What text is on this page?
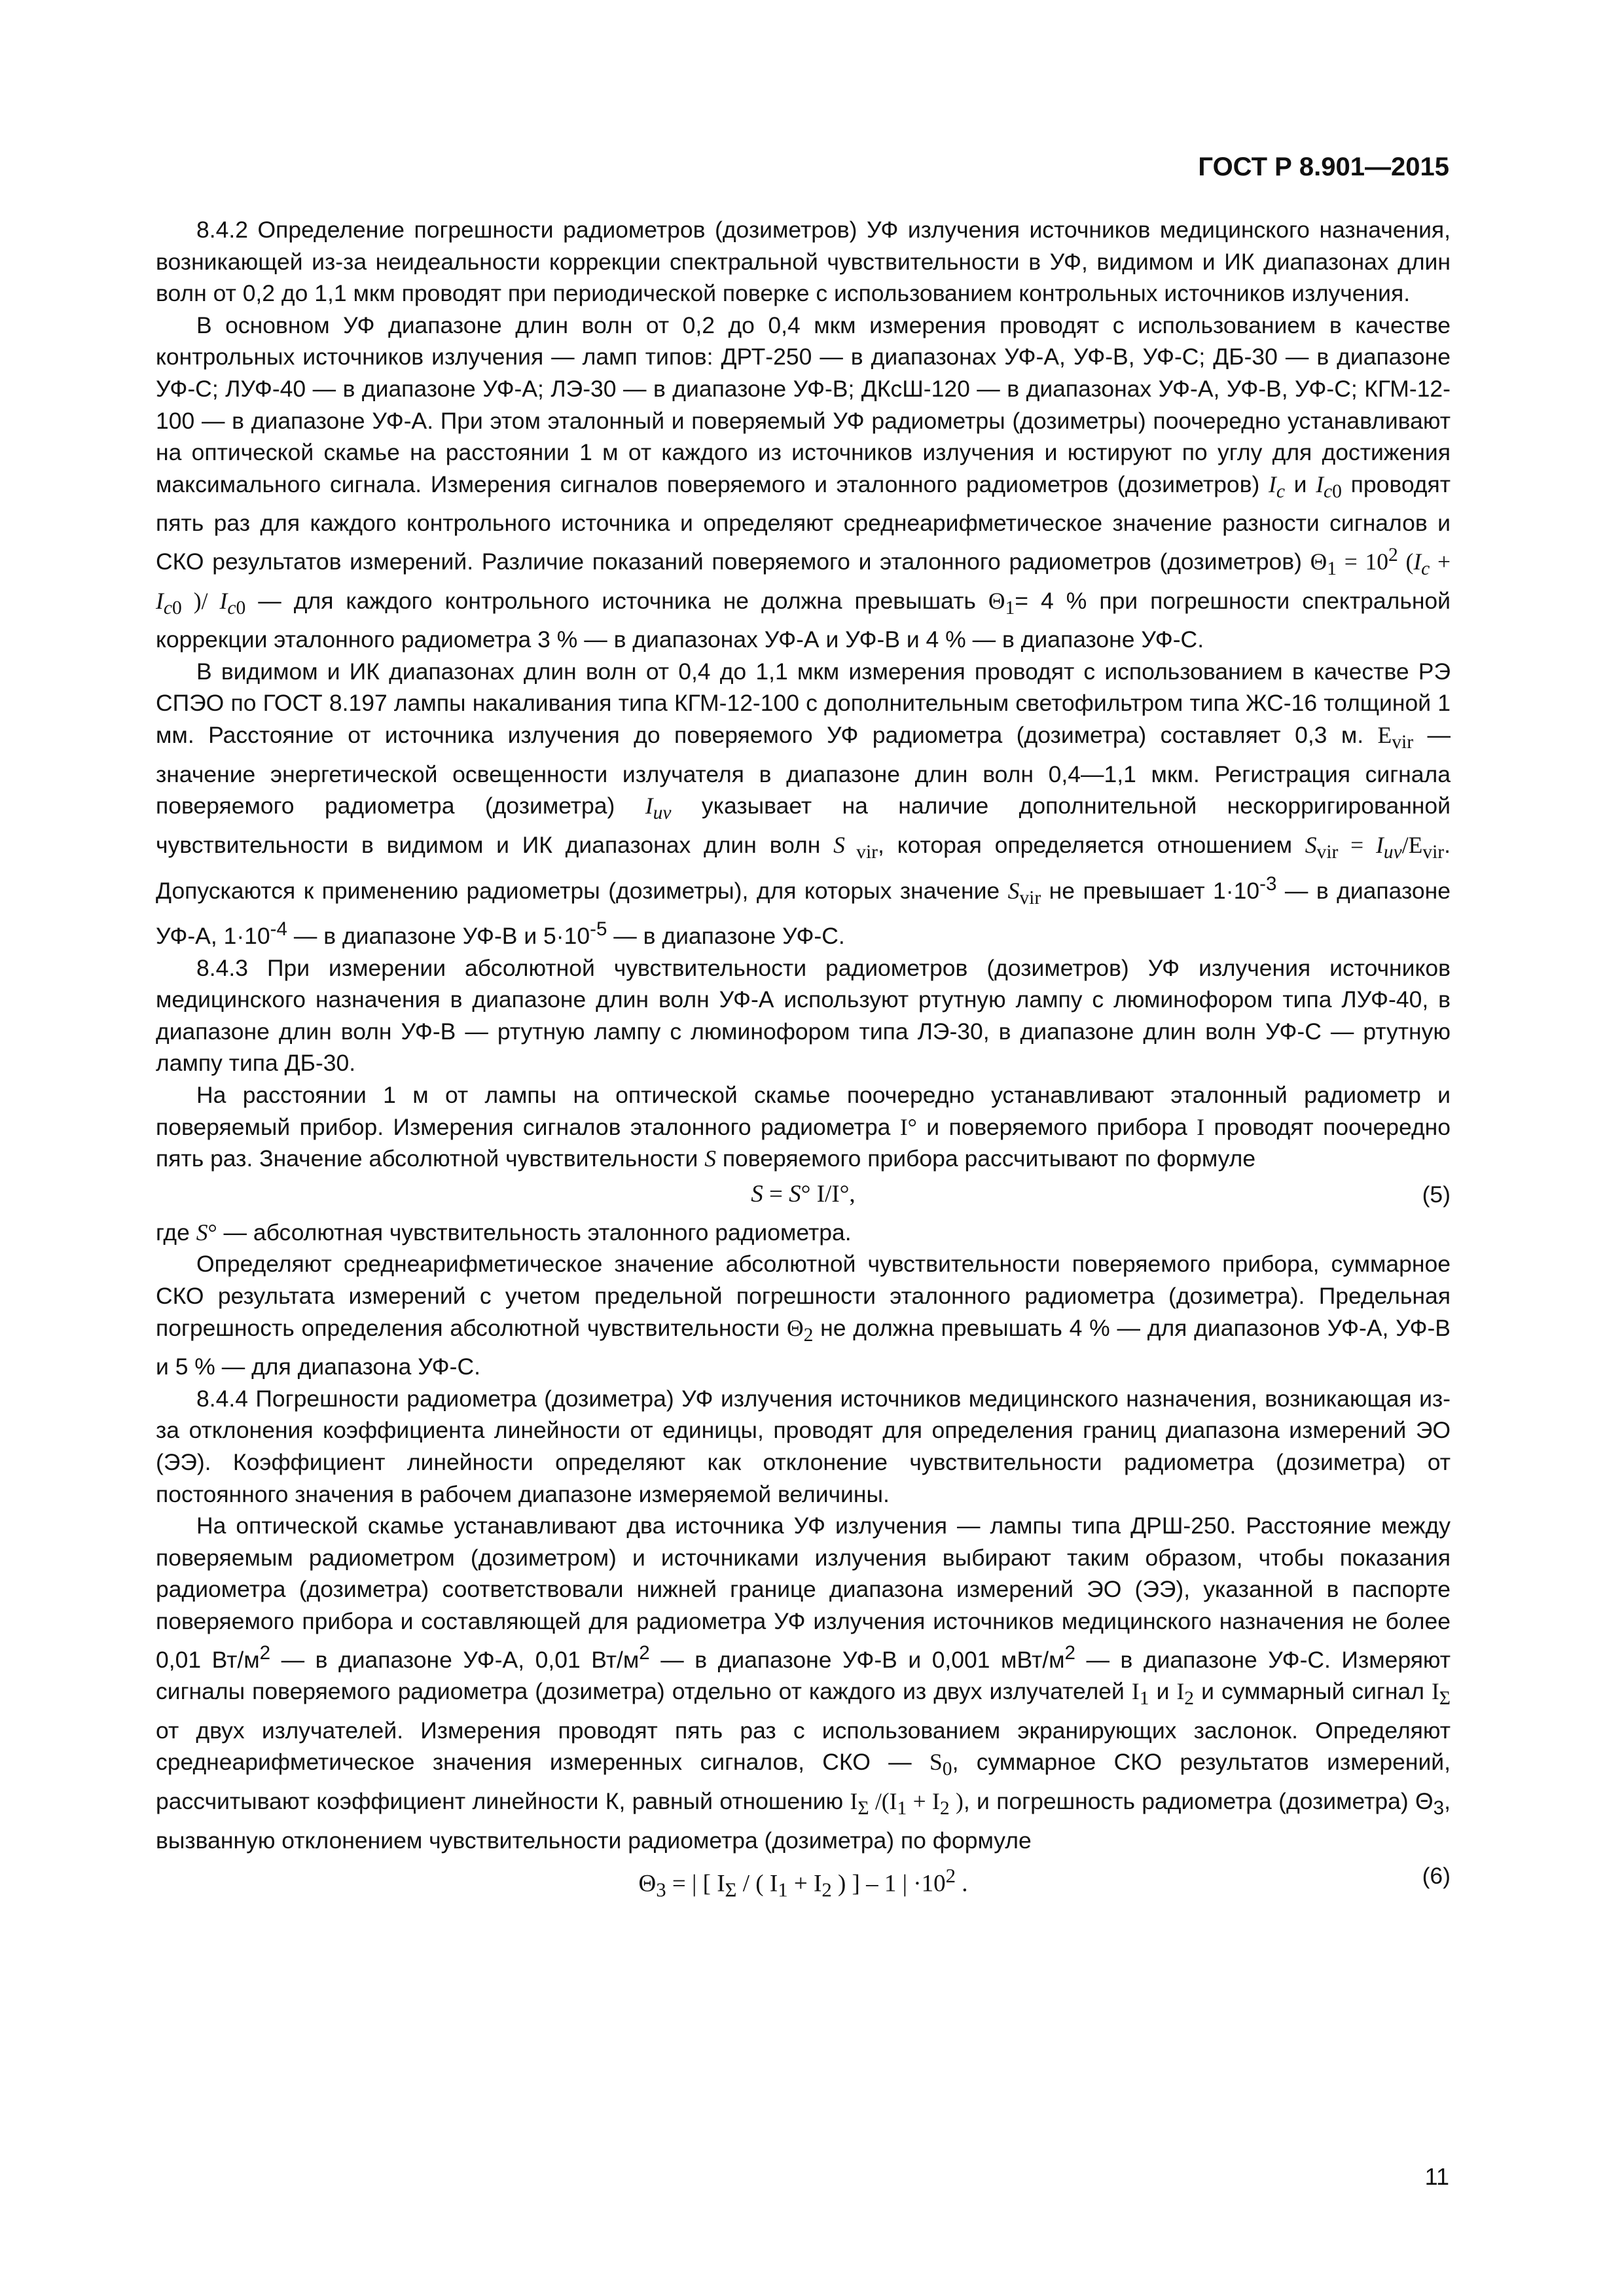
ГОСТ Р 8.901—2015

8.4.2 Определение погрешности радиометров (дозиметров) УФ излучения источников медицинского назначения, возникающей из-за неидеальности коррекции спектральной чувствительности в УФ, видимом и ИК диапазонах длин волн от 0,2 до 1,1 мкм проводят при периодической поверке с использованием контрольных источников излучения.

В основном УФ диапазоне длин волн от 0,2 до 0,4 мкм измерения проводят с использованием в качестве контрольных источников излучения — ламп типов: ДРТ-250 — в диапазонах УФ-А, УФ-В, УФ-С; ДБ-30 — в диапазоне УФ-С; ЛУФ-40 — в диапазоне УФ-А; ЛЭ-30 — в диапазоне УФ-В; ДКсШ-120 — в диапазонах УФ-А, УФ-В, УФ-С; КГМ-12-100 — в диапазоне УФ-А. При этом эталонный и поверяемый УФ радиометры (дозиметры) поочередно устанавливают на оптической скамье на расстоянии 1 м от каждого из источников излучения и юстируют по углу для достижения максимального сигнала. Измерения сигналов поверяемого и эталонного радиометров (дозиметров) $I_c$ и $I_{c0}$ проводят пять раз для каждого контрольного источника и определяют среднеарифметическое значение разности сигналов и СКО результатов измерений. Различие показаний поверяемого и эталонного радиометров (дозиметров) $\Theta_1 = 10^2$ ($I_c + I_{c0}$ )/ $I_{c0}$ — для каждого контрольного источника не должна превышать $\Theta_1= 4$ % при погрешности спектральной коррекции эталонного радиометра 3 % — в диапазонах УФ-А и УФ-В и 4 % — в диапазоне УФ-С.

В видимом и ИК диапазонах длин волн от 0,4 до 1,1 мкм измерения проводят с использованием в качестве РЭ СПЭО по ГОСТ 8.197 лампы накаливания типа КГМ-12-100 с дополнительным светофильтром типа ЖС-16 толщиной 1 мм. Расстояние от источника излучения до поверяемого УФ радиометра (дозиметра) составляет 0,3 м. $E_{vir}$ — значение энергетической освещенности излучателя в диапазоне длин волн 0,4—1,1 мкм. Регистрация сигнала поверяемого радиометра (дозиметра) $I_{uv}$ указывает на наличие дополнительной нескорригированной чувствительности в видимом и ИК диапазонах длин волн S $_{vir}$, которая определяется отношением $S_{vir} = I_{uv}/E_{vir}$. Допускаются к применению радиометры (дозиметры), для которых значение $S_{vir}$ не превышает $1\cdot 10^{-3}$ — в диапазоне УФ-А, $1\cdot 10^{-4}$ — в диапазоне УФ-В и $5\cdot 10^{-5}$ — в диапазоне УФ-С.

8.4.3 При измерении абсолютной чувствительности радиометров (дозиметров) УФ излучения источников медицинского назначения в диапазоне длин волн УФ-А используют ртутную лампу с люминофором типа ЛУФ-40, в диапазоне длин волн УФ-В — ртутную лампу с люминофором типа ЛЭ-30, в диапазоне длин волн УФ-С — ртутную лампу типа ДБ-30.

На расстоянии 1 м от лампы на оптической скамье поочередно устанавливают эталонный радиометр и поверяемый прибор. Измерения сигналов эталонного радиометра I° и поверяемого прибора I проводят поочередно пять раз. Значение абсолютной чувствительности S поверяемого прибора рассчитывают по формуле

S = S° I/I°,	(5)

где S° — абсолютная чувствительность эталонного радиометра.

Определяют среднеарифметическое значение абсолютной чувствительности поверяемого прибора, суммарное СКО результата измерений с учетом предельной погрешности эталонного радиометра (дозиметра). Предельная погрешность определения абсолютной чувствительности $\Theta_2$ не должна превышать 4 % — для диапазонов УФ-А, УФ-В и 5 % — для диапазона УФ-С.

8.4.4 Погрешности радиометра (дозиметра) УФ излучения источников медицинского назначения, возникающая из-за отклонения коэффициента линейности от единицы, проводят для определения границ диапазона измерений ЭО (ЭЭ). Коэффициент линейности определяют как отклонение чувствительности радиометра (дозиметра) от постоянного значения в рабочем диапазоне измеряемой величины.

На оптической скамье устанавливают два источника УФ излучения — лампы типа ДРШ-250. Расстояние между поверяемым радиометром (дозиметром) и источниками излучения выбирают таким образом, чтобы показания радиометра (дозиметра) соответствовали нижней границе диапазона измерений ЭО (ЭЭ), указанной в паспорте поверяемого прибора и составляющей для радиометра УФ излучения источников медицинского назначения не более 0,01 $Вт/м^2$ — в диапазоне УФ-А, 0,01 $Вт/м^2$ — в диапазоне УФ-В и 0,001 мВт/$м^2$ — в диапазоне УФ-С. Измеряют сигналы поверяемого радиометра (дозиметра) отдельно от каждого из двух излучателей $I_1$ и $I_2$ и суммарный сигнал $I_\Sigma$ от двух излучателей. Измерения проводят пять раз с использованием экранирующих заслонок. Определяют среднеарифметическое значения измеренных сигналов, СКО — $S_0$, суммарное СКО результатов измерений, рассчитывают коэффициент линейности К, равный отношению $I_\Sigma$ $/(I_1 + I_2$ ), и погрешность радиометра (дозиметра) $\Theta_3$, вызванную отклонением чувствительности радиометра (дозиметра) по формуле

$\Theta_3$ = | [ $I_\Sigma$ / ( $I_1 + I_2$ ) ] – 1 | $\cdot 10^2$ .	(6)
11
